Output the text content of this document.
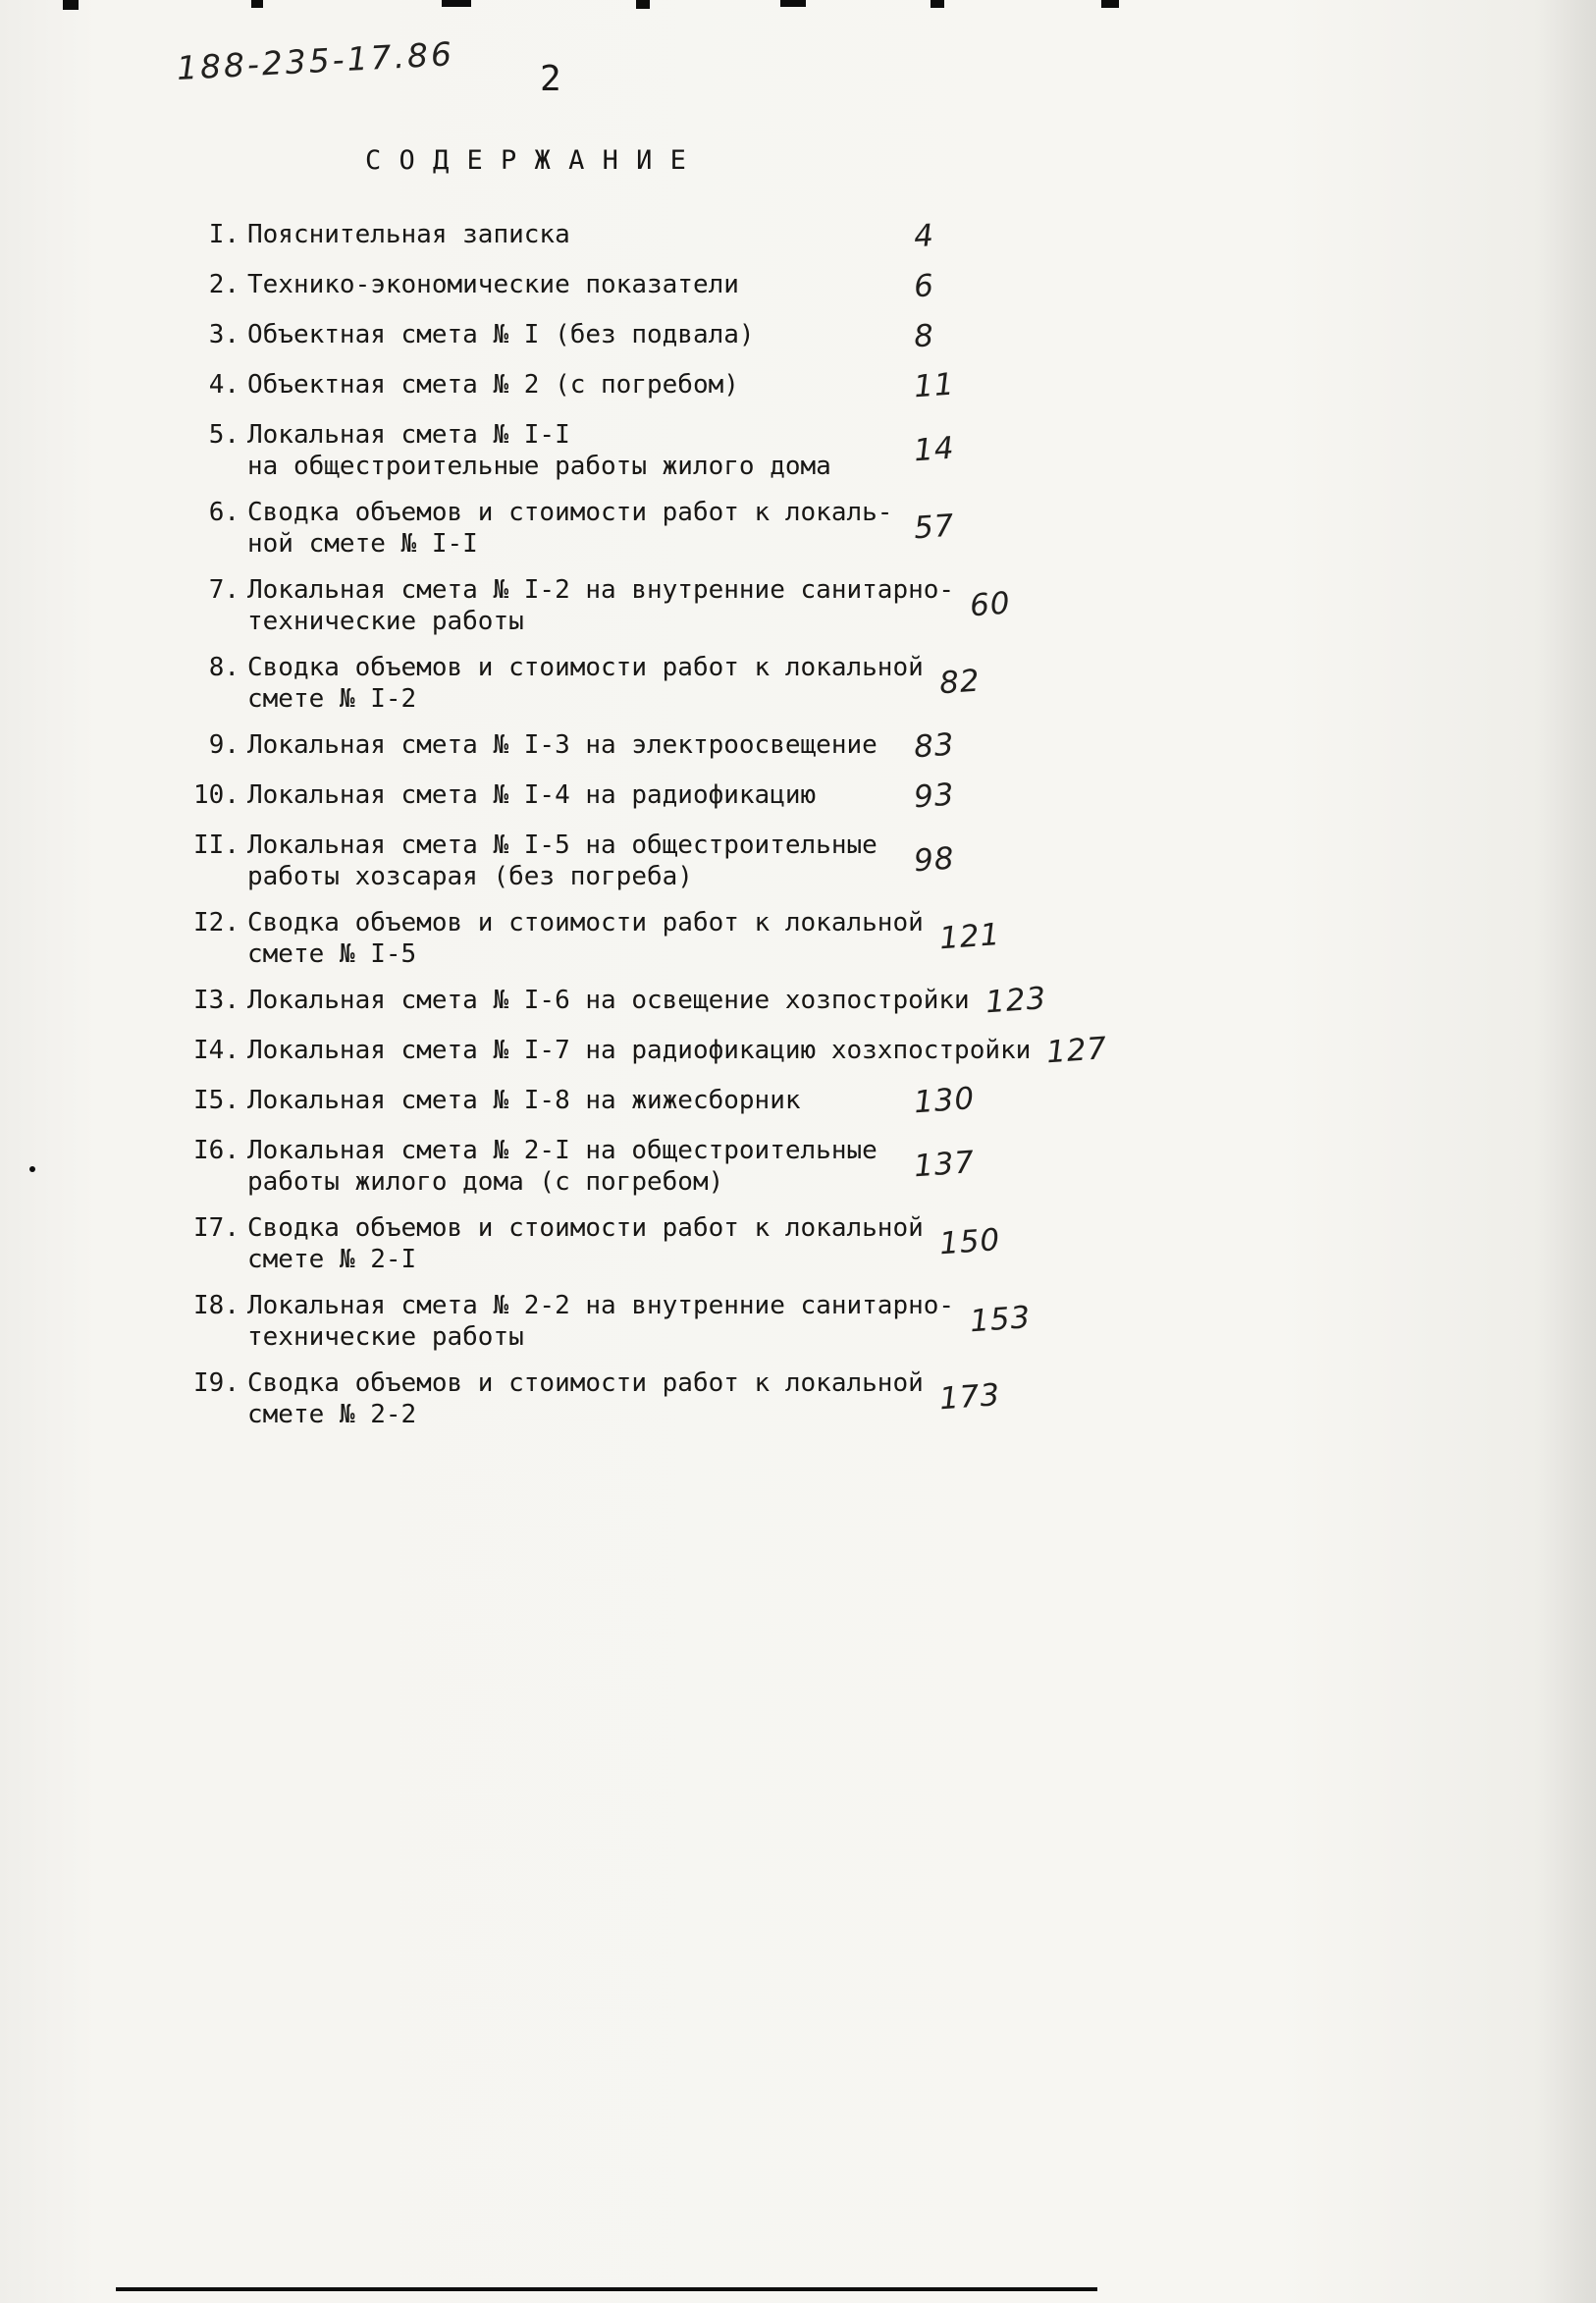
188-235-17.86 2
С О Д Е Р Ж А Н И Е
I. Пояснительная записка	4
2. Технико-экономические показатели	6
3. Объектная смета № I (без подвала)	8
4. Объектная смета № 2 (с погребом)	11
5. Локальная смета № I-I
на общестроительные работы жилого дома	14
6. Сводка объемов и стоимости работ к локаль-
ной смете № I-I	57
7. Локальная смета № I-2 на внутренние санитарно-
технические работы	60
8. Сводка объемов и стоимости работ к локальной
смете № I-2	82
9. Локальная смета № I-3 на электроосвещение	83
10. Локальная смета № I-4 на радиофикацию	93
II. Локальная смета № I-5 на общестроительные
работы хозсарая (без погреба)	98
I2. Сводка объемов и стоимости работ к локальной
смете № I-5	121
I3. Локальная смета № I-6 на освещение хозпостройки 123
I4. Локальная смета № I-7 на радиофикацию хозхпостройки 127
I5. Локальная смета № I-8 на жижесборник	130
I6. Локальная смета № 2-I на общестроительные
работы жилого дома (с погребом)	137
I7. Сводка объемов и стоимости работ к локальной
смете № 2-I	150
I8. Локальная смета № 2-2 на внутренние санитарно-
технические работы	153
I9. Сводка объемов и стоимости работ к локальной
смете № 2-2	173
